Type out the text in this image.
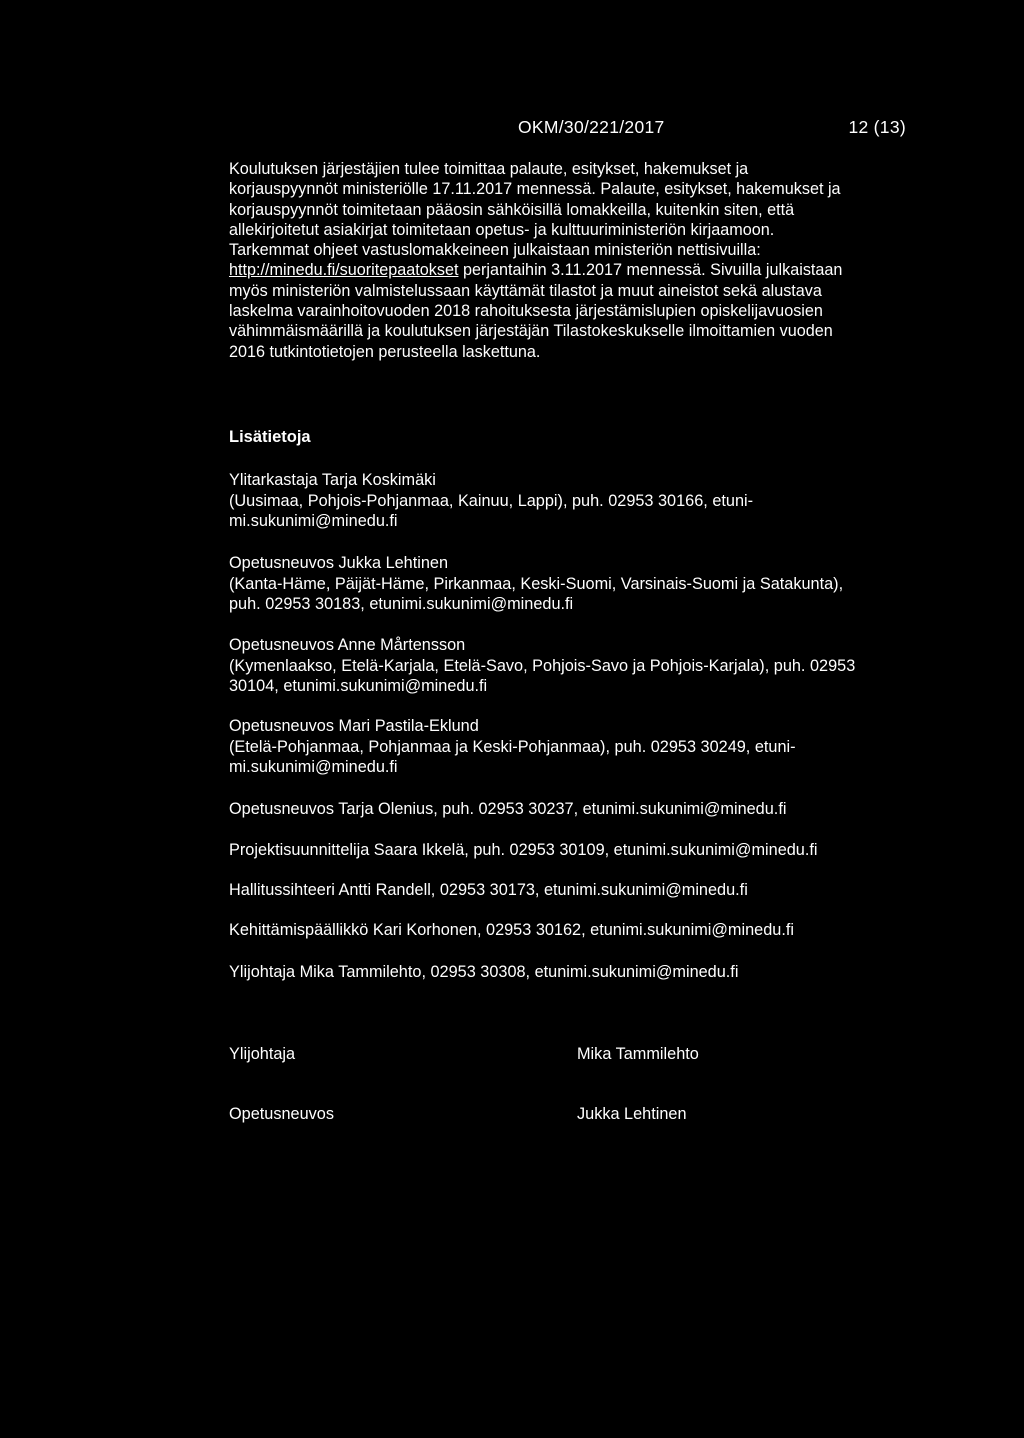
OKM/30/221/2017	12 (13)

Koulutuksen järjestäjien tulee toimittaa palaute, esitykset, hakemukset ja

korjauspyynnöt ministeriölle 17.11.2017 mennessä. Palaute, esitykset, hakemukset ja

korjauspyynnöt toimitetaan pääosin sähköisillä lomakkeilla, kuitenkin siten, että

allekirjoitetut asiakirjat toimitetaan opetus- ja kulttuuriministeriön kirjaamoon.

Tarkemmat ohjeet vastuslomakkeineen julkaistaan ministeriön nettisivuilla:

http://minedu.fi/suoritepaatokset perjantaihin 3.11.2017 mennessä. Sivuilla julkaistaan

myös ministeriön valmistelussaan käyttämät tilastot ja muut aineistot sekä alustava

laskelma varainhoitovuoden 2018 rahoituksesta järjestämislupien opiskelijavuosien

vähimmäismäärillä ja koulutuksen järjestäjän Tilastokeskukselle ilmoittamien vuoden

2016 tutkintotietojen perusteella laskettuna.

Lisätietoja
Ylitarkastaja Tarja Koskimäki
(Uusimaa, Pohjois-Pohjanmaa, Kainuu, Lappi), puh. 02953 30166, etuni-
mi.sukunimi@minedu.fi
Opetusneuvos Jukka Lehtinen
(Kanta-Häme, Päijät-Häme, Pirkanmaa, Keski-Suomi, Varsinais-Suomi ja Satakunta),
puh. 02953 30183, etunimi.sukunimi@minedu.fi
Opetusneuvos Anne Mårtensson
(Kymenlaakso, Etelä-Karjala, Etelä-Savo, Pohjois-Savo ja Pohjois-Karjala), puh. 02953
30104, etunimi.sukunimi@minedu.fi
Opetusneuvos Mari Pastila-Eklund
(Etelä-Pohjanmaa, Pohjanmaa ja Keski-Pohjanmaa), puh. 02953 30249, etuni-
mi.sukunimi@minedu.fi
Opetusneuvos Tarja Olenius, puh. 02953 30237, etunimi.sukunimi@minedu.fi
Projektisuunnittelija Saara Ikkelä, puh. 02953 30109, etunimi.sukunimi@minedu.fi
Hallitussihteeri Antti Randell, 02953 30173, etunimi.sukunimi@minedu.fi
Kehittämispäällikkö Kari Korhonen, 02953 30162, etunimi.sukunimi@minedu.fi
Ylijohtaja Mika Tammilehto, 02953 30308, etunimi.sukunimi@minedu.fi
Ylijohtaja	Mika Tammilehto
Opetusneuvos	Jukka Lehtinen
